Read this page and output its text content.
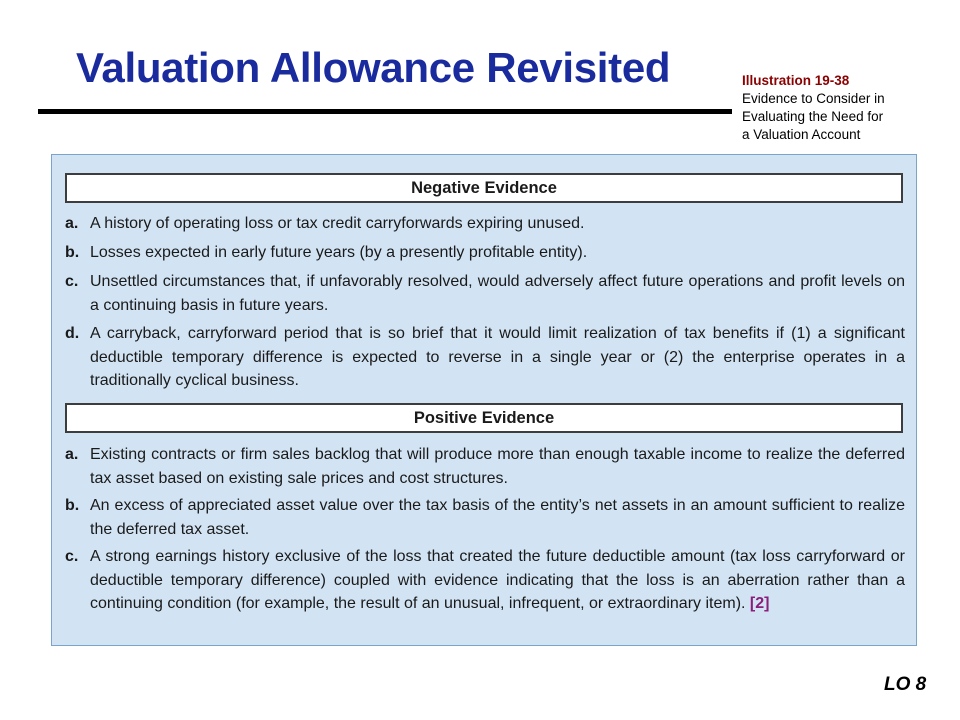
Valuation Allowance Revisited	Illustration 19-38
Evidence to Consider in
Evaluating the Need for
a Valuation Account
Negative Evidence
a. A history of operating loss or tax credit carryforwards expiring unused.
b. Losses expected in early future years (by a presently profitable entity).
c. Unsettled circumstances that, if unfavorably resolved, would adversely affect future operations and profit levels on a continuing basis in future years.
d. A carryback, carryforward period that is so brief that it would limit realization of tax benefits if (1) a significant deductible temporary difference is expected to reverse in a single year or (2) the enterprise operates in a traditionally cyclical business.
Positive Evidence
a. Existing contracts or firm sales backlog that will produce more than enough taxable income to realize the deferred tax asset based on existing sale prices and cost structures.
b. An excess of appreciated asset value over the tax basis of the entity’s net assets in an amount sufficient to realize the deferred tax asset.
c. A strong earnings history exclusive of the loss that created the future deductible amount (tax loss carryforward or deductible temporary difference) coupled with evidence indicating that the loss is an aberration rather than a continuing condition (for example, the result of an unusual, infrequent, or extraordinary item). [2]
LO 8
